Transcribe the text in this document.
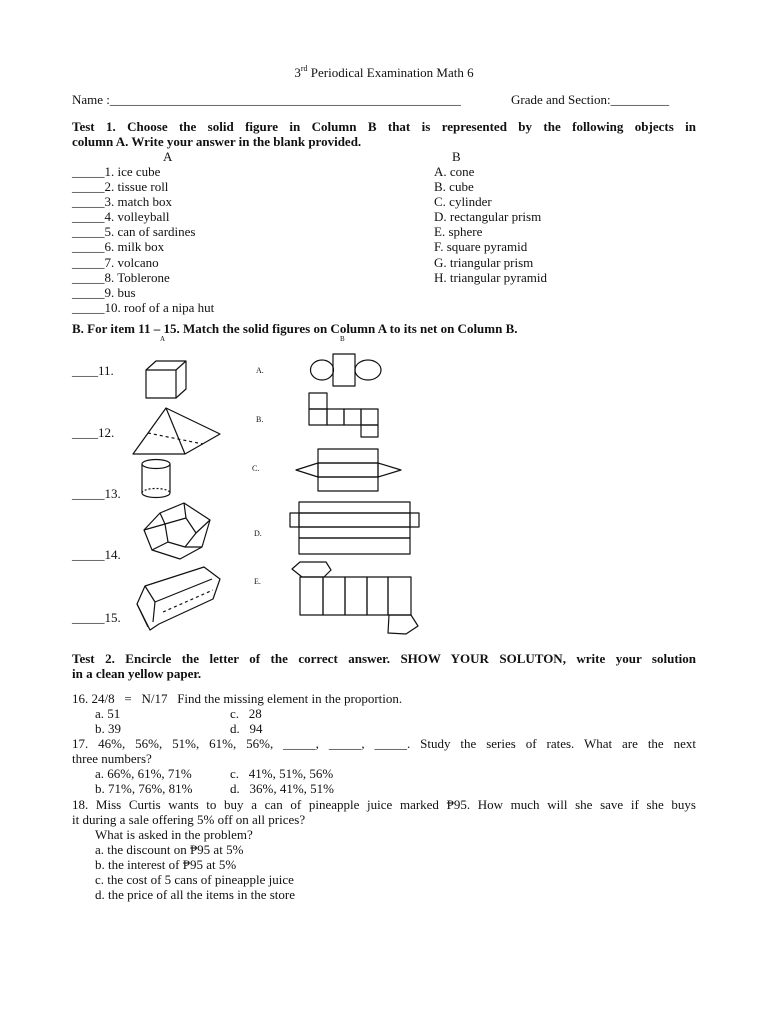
3rd Periodical Examination Math 6
Name :______________________________________________________	Grade and Section:_________
Test 1. Choose the solid figure in Column B that is represented by the following objects in
column A. Write your answer in the blank provided.
A	B
_____1. ice cube
_____2. tissue roll
_____3. match box
_____4. volleyball
_____5. can of sardines
_____6. milk box
_____7. volcano
_____8. Toblerone
_____9. bus
_____10. roof of a nipa hut
A. cone
B. cube
C. cylinder
D. rectangular prism
E. sphere
F. square pyramid
G. triangular prism
H. triangular pyramid
B. For item 11 – 15. Match the solid figures on Column A to its net on Column B.
A	B
____11.
____12.
_____13.
_____14.
_____15.
A.
B.
C.
D.
E.
Test 2. Encircle the letter of the correct answer. SHOW YOUR SOLUTON, write your solution
in a clean yellow paper.
16. 24/8   =   N/17   Find the missing element in the proportion.
a. 51	c.   28
b. 39	d.   94
17. 46%, 56%, 51%, 61%, 56%, _____, _____, _____. Study the series of rates. What are the next
three numbers?
a. 66%, 61%, 71%	c.   41%, 51%, 56%
b. 71%, 76%, 81%	d.   36%, 41%, 51%
18. Miss Curtis wants to buy a can of pineapple juice marked ₱95. How much will she save if she buys
it during a sale offering 5% off on all prices?
What is asked in the problem?
a. the discount on ₱95 at 5%
b. the interest of ₱95 at 5%
c. the cost of 5 cans of pineapple juice
d. the price of all the items in the store
